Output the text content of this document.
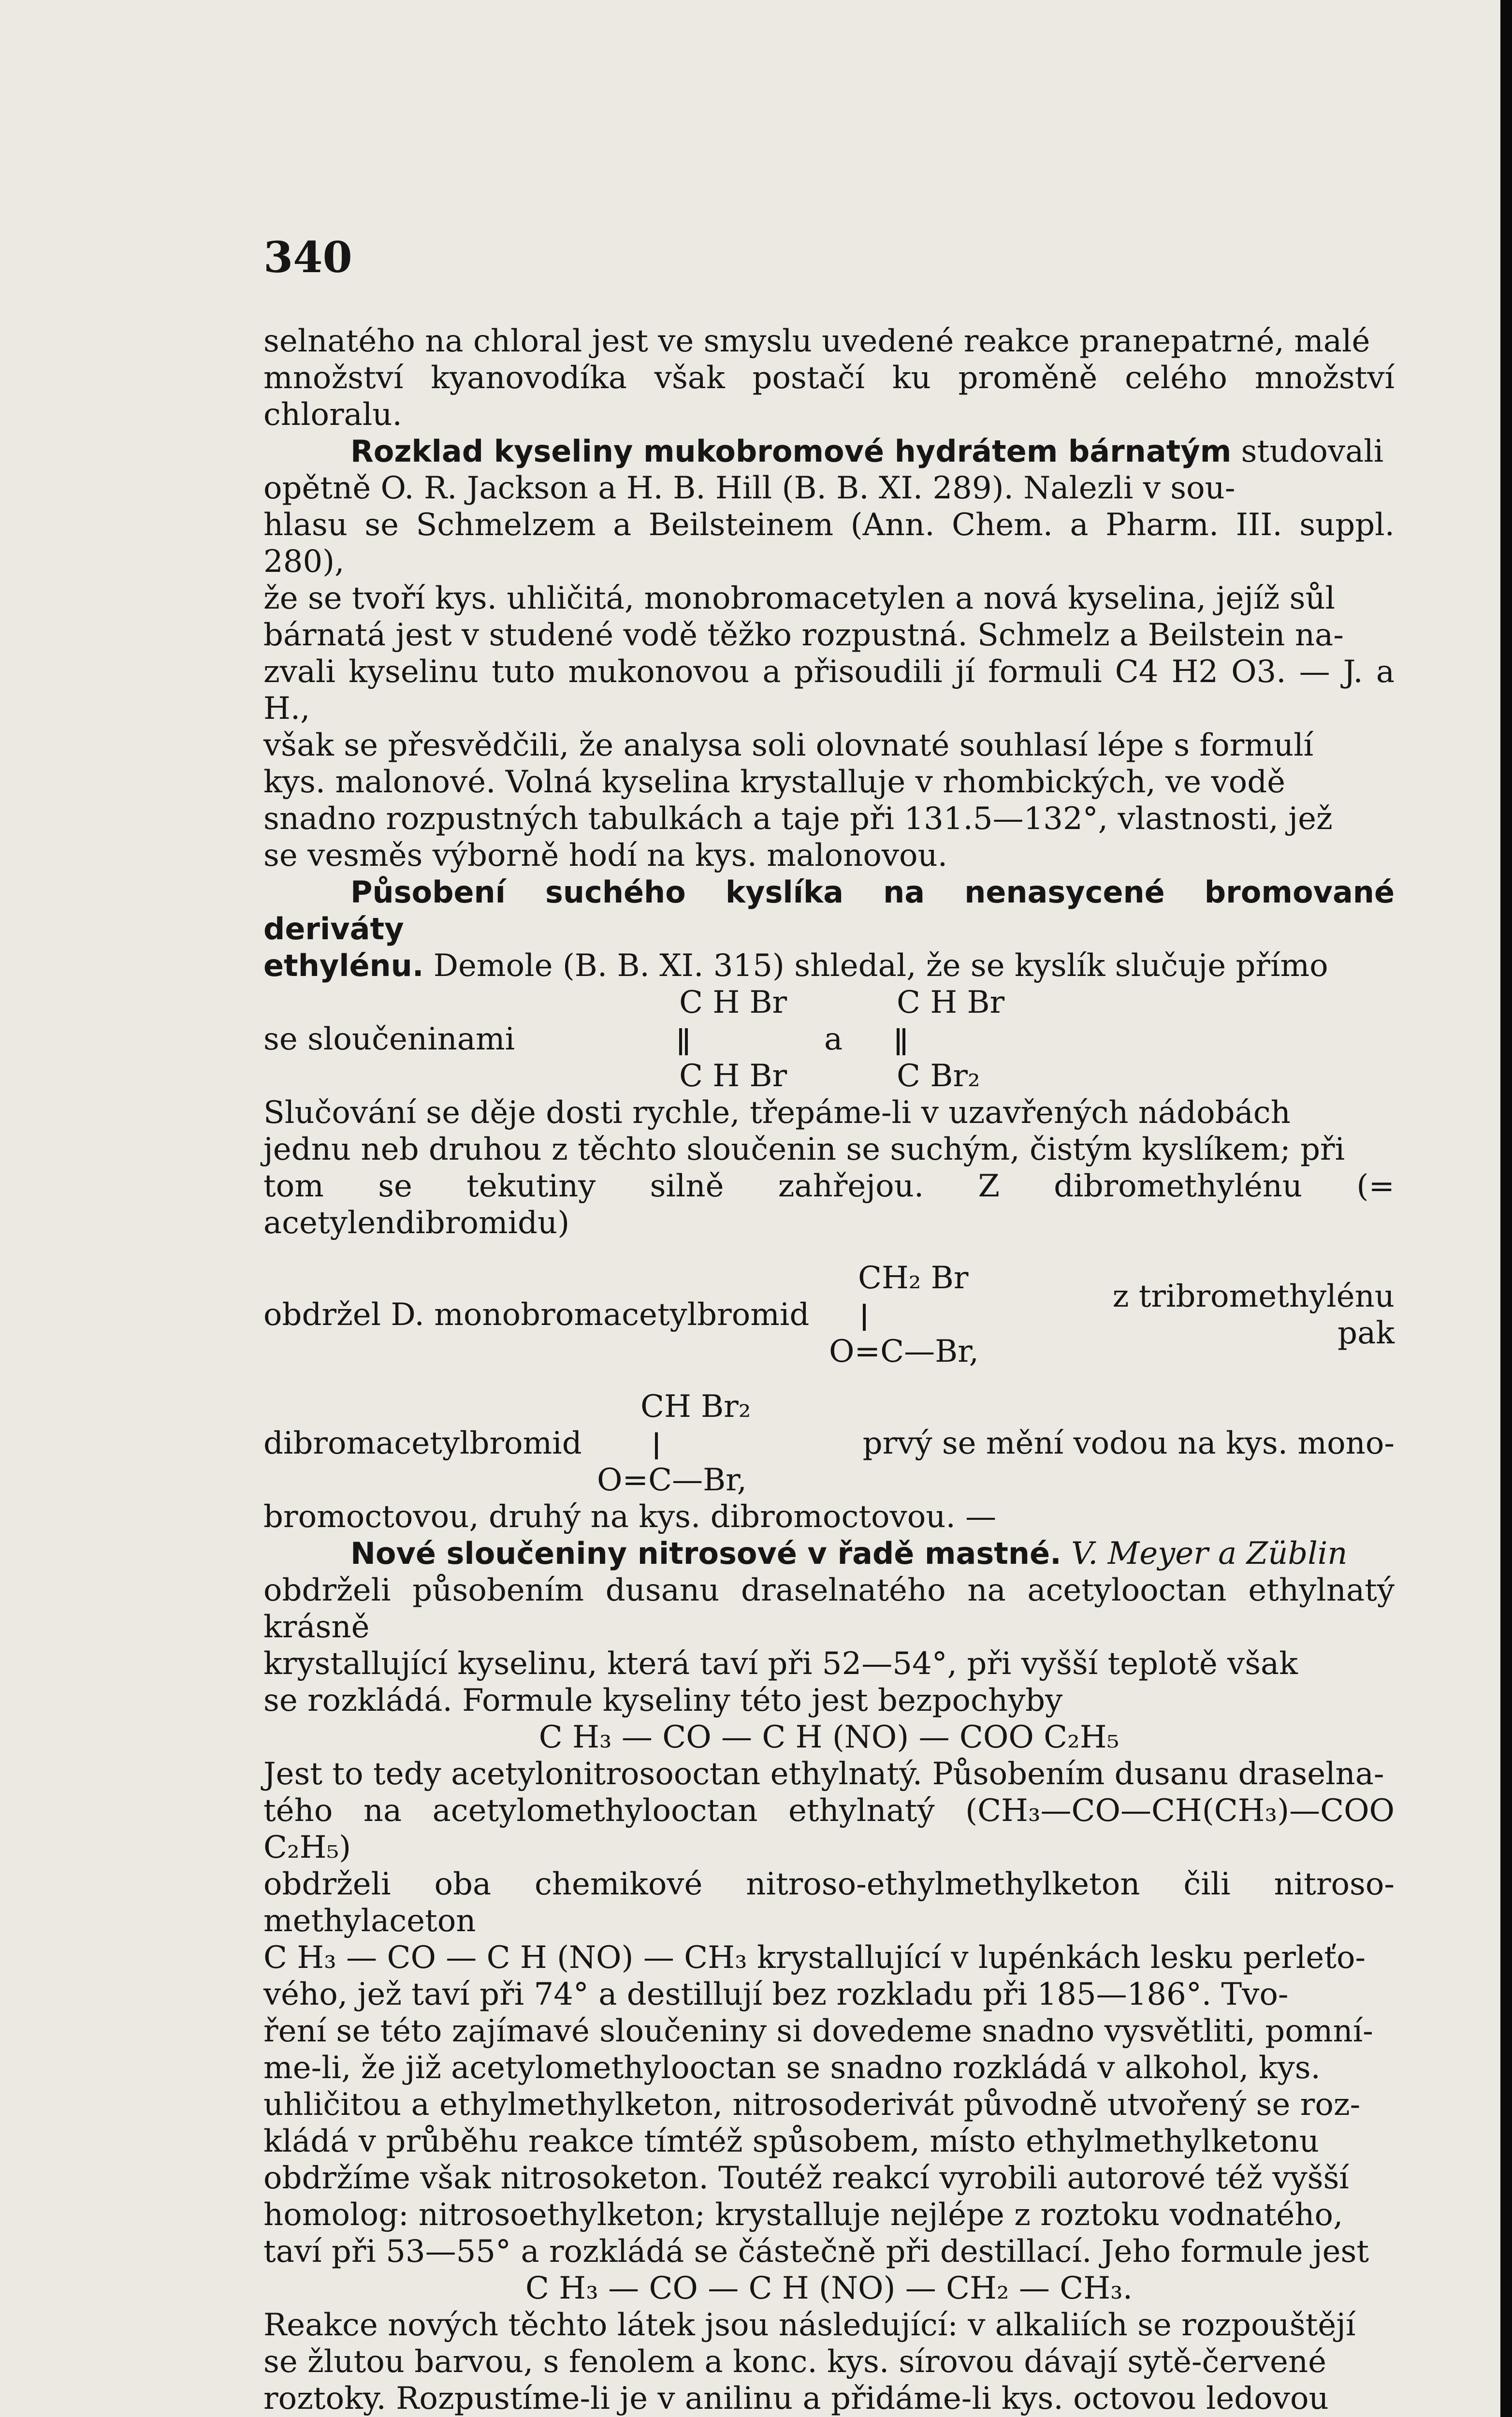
340
selnatého na chloral jest ve smyslu uvedené reakce pranepatrné, malé
množství kyanovodíka však postačí ku proměně celého množství chloralu.
Rozklad kyseliny mukobromové hydrátem bárnatým studovali
opětně O. R. Jackson a H. B. Hill (B. B. XI. 289). Nalezli v sou-
hlasu se Schmelzem a Beilsteinem (Ann. Chem. a Pharm. III. suppl. 280),
že se tvoří kys. uhličitá, monobromacetylen a nová kyselina, jejíž sůl
bárnatá jest v studené vodě těžko rozpustná. Schmelz a Beilstein na-
zvali kyselinu tuto mukonovou a přisoudili jí formuli C4 H2 O3. — J. a H.,
však se přesvědčili, že analysa soli olovnaté souhlasí lépe s formulí
kys. malonové. Volná kyselina krystalluje v rhombických, ve vodě
snadno rozpustných tabulkách a taje při 131.5—132°, vlastnosti, jež
se vesměs výborně hodí na kys. malonovou.
Působení suchého kyslíka na nenasycené bromované deriváty
ethylénu. Demole (B. B. XI. 315) shledal, že se kyslík slučuje přímo
se sloučeninami
C H Br
C H Br
a
C H Br
C Br₂
Slučování se děje dosti rychle, třepáme-li v uzavřených nádobách
jednu neb druhou z těchto sloučenin se suchým, čistým kyslíkem; při
tom se tekutiny silně zahřejou. Z dibromethylénu (= acetylendibromidu)
obdržel D. monobromacetylbromid
CH₂ Br
O=C—Br,
z tribromethylénu pak
dibromacetylbromid
CH Br₂
O=C—Br,
prvý se mění vodou na kys. mono-
bromoctovou, druhý na kys. dibromoctovou. —
Nové sloučeniny nitrosové v řadě mastné. V. Meyer a Züblin
obdrželi působením dusanu draselnatého na acetylooctan ethylnatý krásně
krystallující kyselinu, která taví při 52—54°, při vyšší teplotě však
se rozkládá. Formule kyseliny této jest bezpochyby
C H₃ — CO — C H (NO) — COO C₂H₅
Jest to tedy acetylonitrosooctan ethylnatý. Působením dusanu draselna-
tého na acetylomethylooctan ethylnatý (CH₃—CO—CH(CH₃)—COO C₂H₅)
obdrželi oba chemikové nitroso-ethylmethylketon čili nitroso-methylaceton
C H₃ — CO — C H (NO) — CH₃ krystallující v lupénkách lesku perleťo-
vého, jež taví při 74° a destillují bez rozkladu při 185—186°. Tvo-
ření se této zajímavé sloučeniny si dovedeme snadno vysvětliti, pomní-
me-li, že již acetylomethylooctan se snadno rozkládá v alkohol, kys.
uhličitou a ethylmethylketon, nitrosoderivát původně utvořený se roz-
kládá v průběhu reakce tímtéž spůsobem, místo ethylmethylketonu
obdržíme však nitrosoketon. Toutéž reakcí vyrobili autorové též vyšší
homolog: nitrosoethylketon; krystalluje nejlépe z roztoku vodnatého,
taví při 53—55° a rozkládá se částečně při destillací. Jeho formule jest
C H₃ — CO — C H (NO) — CH₂ — CH₃.
Reakce nových těchto látek jsou následující: v alkaliích se rozpouštějí
se žlutou barvou, s fenolem a konc. kys. sírovou dávají sytě-červené
roztoky. Rozpustíme-li je v anilinu a přidáme-li kys. octovou ledovou
